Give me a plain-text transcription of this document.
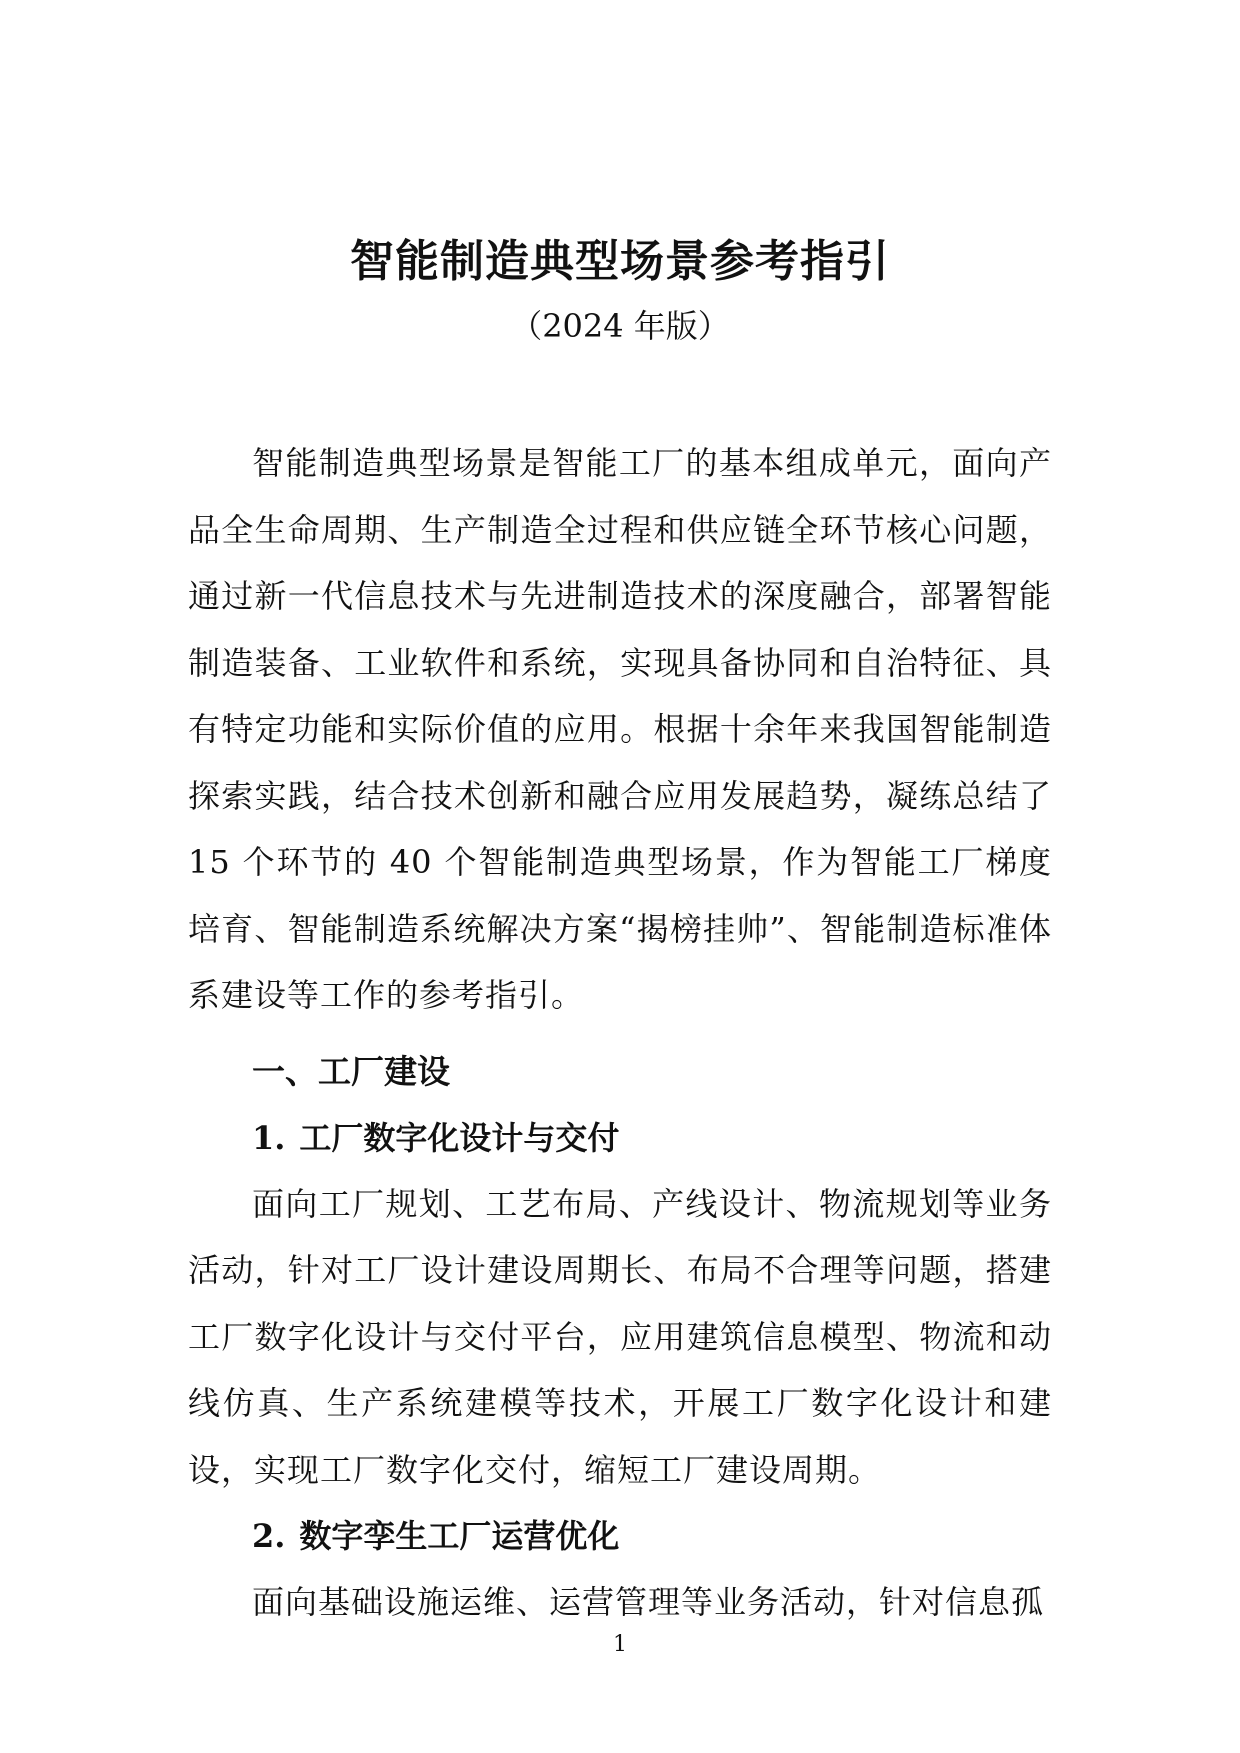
智能制造典型场景参考指引
（2024 年版）

智能制造典型场景是智能工厂的基本组成单元，面向产品全生命周期、生产制造全过程和供应链全环节核心问题，通过新一代信息技术与先进制造技术的深度融合，部署智能制造装备、工业软件和系统，实现具备协同和自治特征、具有特定功能和实际价值的应用。根据十余年来我国智能制造探索实践，结合技术创新和融合应用发展趋势，凝练总结了 15 个环节的 40 个智能制造典型场景，作为智能工厂梯度培育、智能制造系统解决方案“揭榜挂帅”、智能制造标准体系建设等工作的参考指引。

一、工厂建设

1. 工厂数字化设计与交付

面向工厂规划、工艺布局、产线设计、物流规划等业务活动，针对工厂设计建设周期长、布局不合理等问题，搭建工厂数字化设计与交付平台，应用建筑信息模型、物流和动线仿真、生产系统建模等技术，开展工厂数字化设计和建设，实现工厂数字化交付，缩短工厂建设周期。

2. 数字孪生工厂运营优化

面向基础设施运维、运营管理等业务活动，针对信息孤

1
